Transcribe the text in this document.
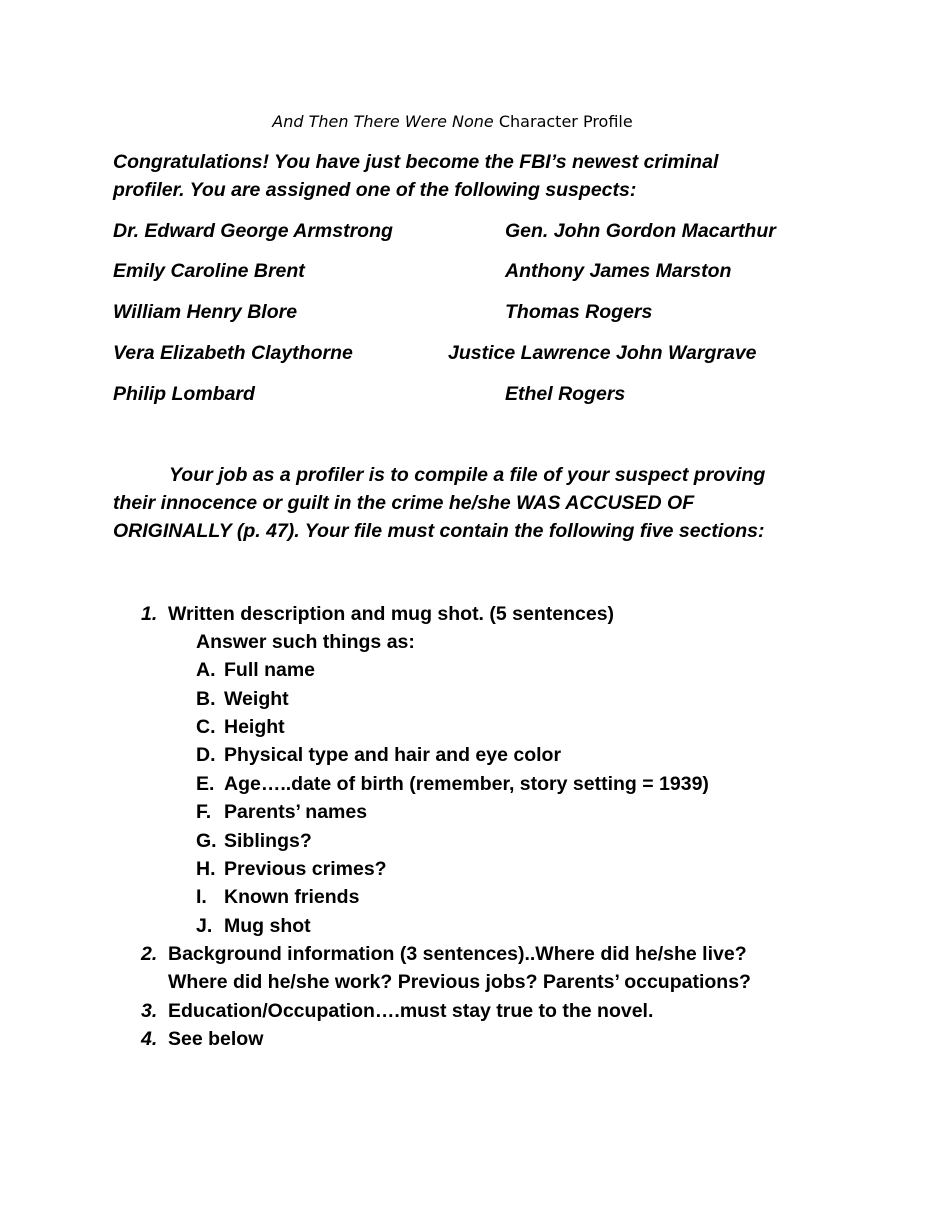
And Then There Were None Character Profile
Congratulations! You have just become the FBI’s newest criminal
profiler. You are assigned one of the following suspects:
Dr. Edward George Armstrong
Emily Caroline Brent
William Henry Blore
Vera Elizabeth Claythorne
Philip Lombard
Gen. John Gordon Macarthur
Anthony James Marston
Thomas Rogers
Justice Lawrence John Wargrave
Ethel Rogers
Your job as a profiler is to compile a file of your suspect proving
their innocence or guilt in the crime he/she WAS ACCUSED OF
ORIGINALLY (p. 47). Your file must contain the following five sections:
1. Written description and mug shot. (5 sentences)
Answer such things as:
A. Full name
B. Weight
C. Height
D. Physical type and hair and eye color
E. Age…..date of birth (remember, story setting = 1939)
F. Parents’ names
G. Siblings?
H. Previous crimes?
I. Known friends
J. Mug shot
2. Background information (3 sentences)..Where did he/she live?
Where did he/she work? Previous jobs? Parents’ occupations?
3. Education/Occupation….must stay true to the novel.
4. See below
